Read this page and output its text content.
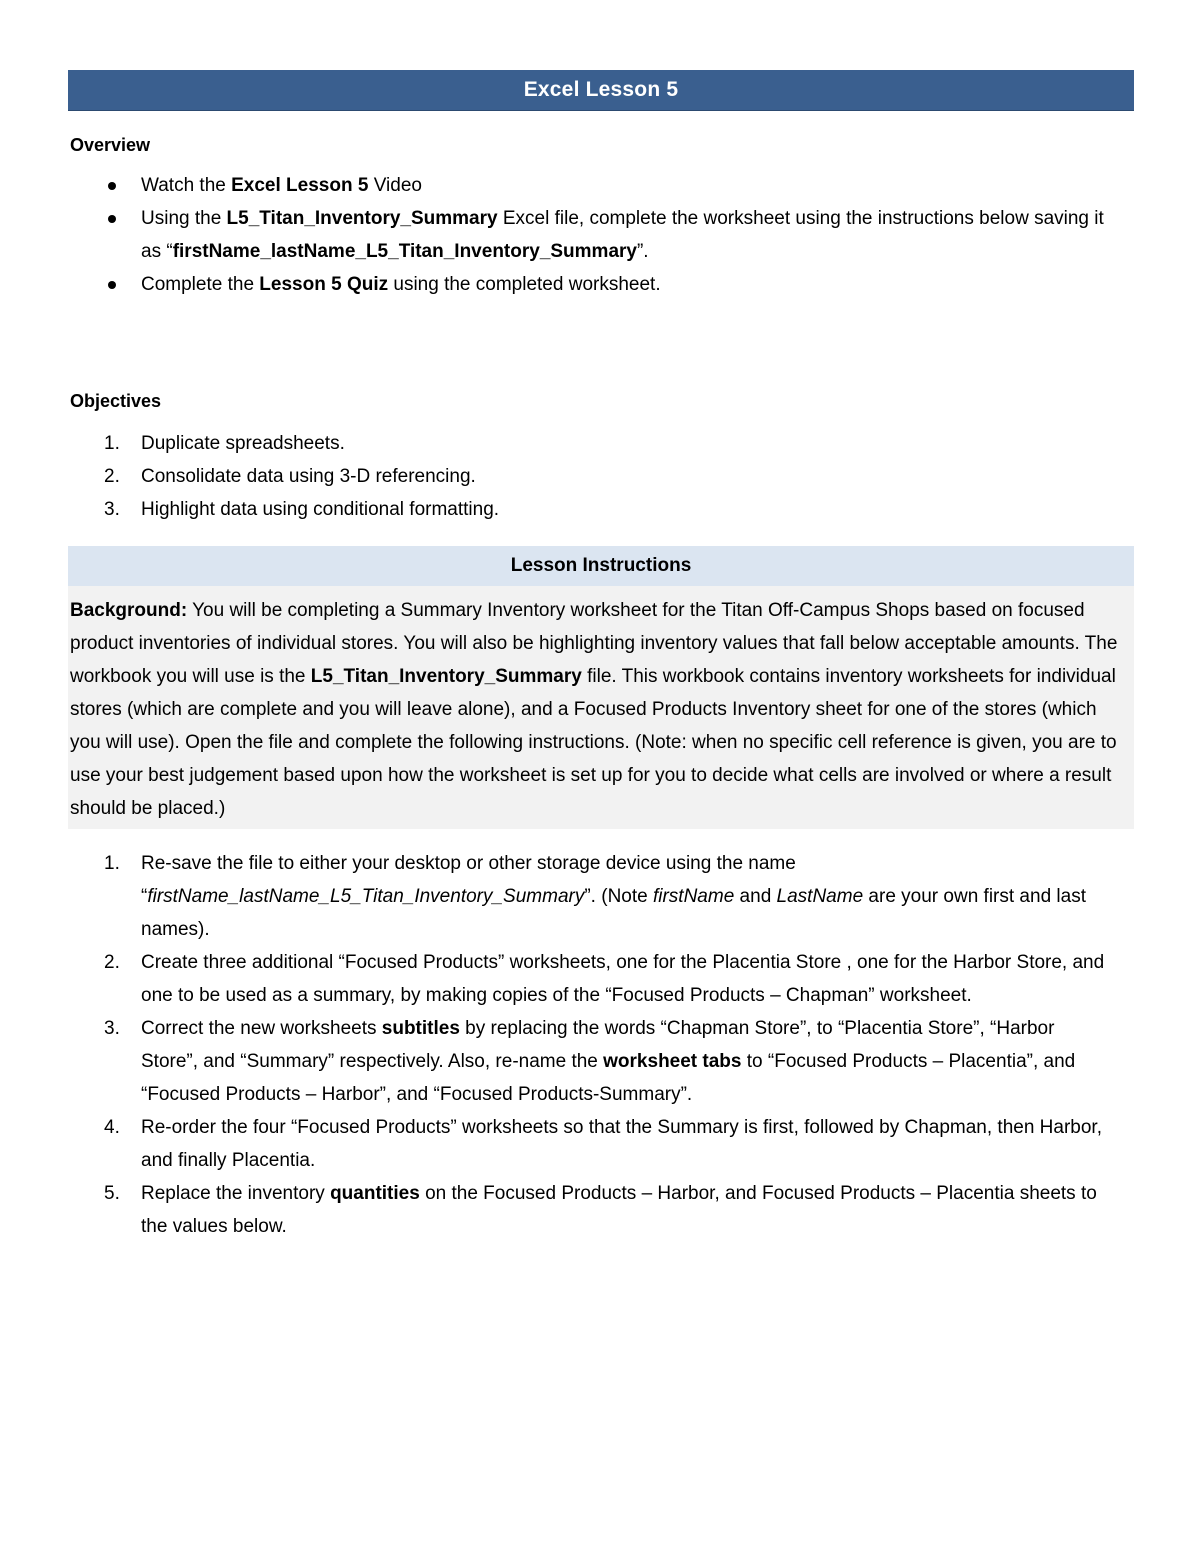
Excel Lesson 5
Overview
Watch the Excel Lesson 5 Video
Using the L5_Titan_Inventory_Summary Excel file, complete the worksheet using the instructions below saving it as “firstName_lastName_L5_Titan_Inventory_Summary”.
Complete the Lesson 5 Quiz using the completed worksheet.
Objectives
1.	Duplicate spreadsheets.
2.	Consolidate data using 3-D referencing.
3.	Highlight data using conditional formatting.
Lesson Instructions
Background: You will be completing a Summary Inventory worksheet for the Titan Off-Campus Shops based on focused product inventories of individual stores. You will also be highlighting inventory values that fall below acceptable amounts. The workbook you will use is the L5_Titan_Inventory_Summary file. This workbook contains inventory worksheets for individual stores (which are complete and you will leave alone), and a Focused Products Inventory sheet for one of the stores (which you will use). Open the file and complete the following instructions. (Note: when no specific cell reference is given, you are to use your best judgement based upon how the worksheet is set up for you to decide what cells are involved or where a result should be placed.)
1.	Re-save the file to either your desktop or other storage device using the name “firstName_lastName_L5_Titan_Inventory_Summary”. (Note firstName and LastName are your own first and last names).
2.	Create three additional “Focused Products” worksheets, one for the Placentia Store , one for the Harbor Store, and one to be used as a summary, by making copies of the “Focused Products – Chapman” worksheet.
3.	Correct the new worksheets subtitles by replacing the words “Chapman Store”, to “Placentia Store”, “Harbor Store”, and “Summary” respectively. Also, re-name the worksheet tabs to “Focused Products – Placentia”, and “Focused Products – Harbor”, and “Focused Products-Summary”.
4.	Re-order the four “Focused Products” worksheets so that the Summary is first, followed by Chapman, then Harbor, and finally Placentia.
5.	Replace the inventory quantities on the Focused Products – Harbor, and Focused Products – Placentia sheets to the values below.
